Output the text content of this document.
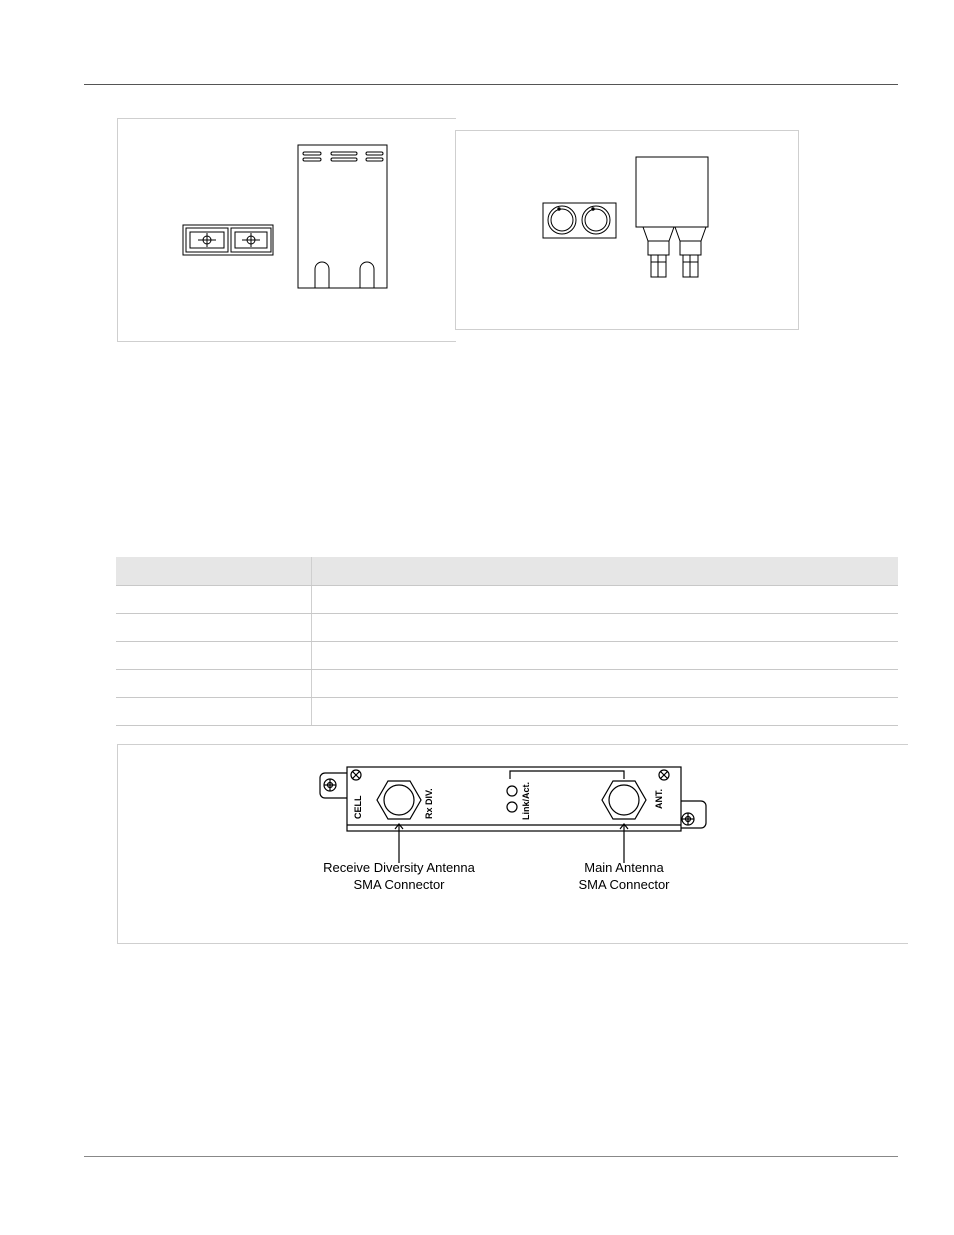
CELL	Rx DIV.	Link/Act.	ANT.
Receive Diversity Antenna
SMA Connector
Main Antenna
SMA Connector
